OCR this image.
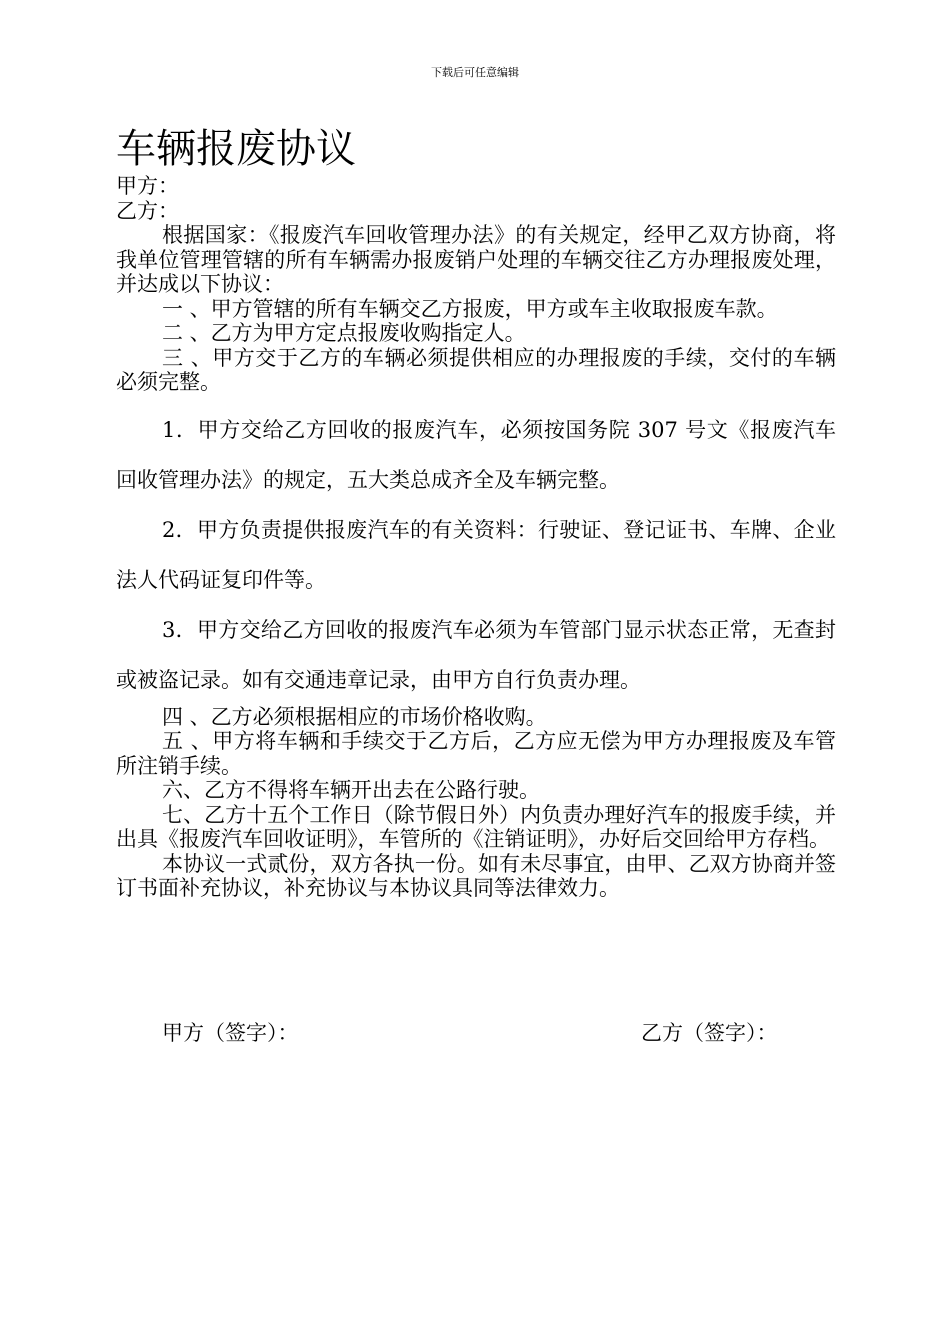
下载后可任意编辑
车辆报废协议

甲方：

乙方：

根据国家：《报废汽车回收管理办法》的有关规定，经甲乙双方协商，将我单位管理管辖的所有车辆需办报废销户处理的车辆交往乙方办理报废处理，并达成以下协议：

一 、甲方管辖的所有车辆交乙方报废，甲方或车主收取报废车款。

二 、乙方为甲方定点报废收购指定人。

三 、甲方交于乙方的车辆必须提供相应的办理报废的手续，交付的车辆必须完整。

1．甲方交给乙方回收的报废汽车，必须按国务院 307 号文《报废汽车回收管理办法》的规定，五大类总成齐全及车辆完整。

2．甲方负责提供报废汽车的有关资料：行驶证、登记证书、车牌、企业法人代码证复印件等。

3．甲方交给乙方回收的报废汽车必须为车管部门显示状态正常，无查封或被盗记录。如有交通违章记录，由甲方自行负责办理。

四 、乙方必须根据相应的市场价格收购。

五 、甲方将车辆和手续交于乙方后，乙方应无偿为甲方办理报废及车管所注销手续。

六、乙方不得将车辆开出去在公路行驶。

七、乙方十五个工作日（除节假日外）内负责办理好汽车的报废手续，并出具《报废汽车回收证明》，车管所的《注销证明》，办好后交回给甲方存档。

本协议一式贰份，双方各执一份。如有未尽事宜，由甲、乙双方协商并签订书面补充协议，补充协议与本协议具同等法律效力。

甲方（签字）：	乙方（签字）：
